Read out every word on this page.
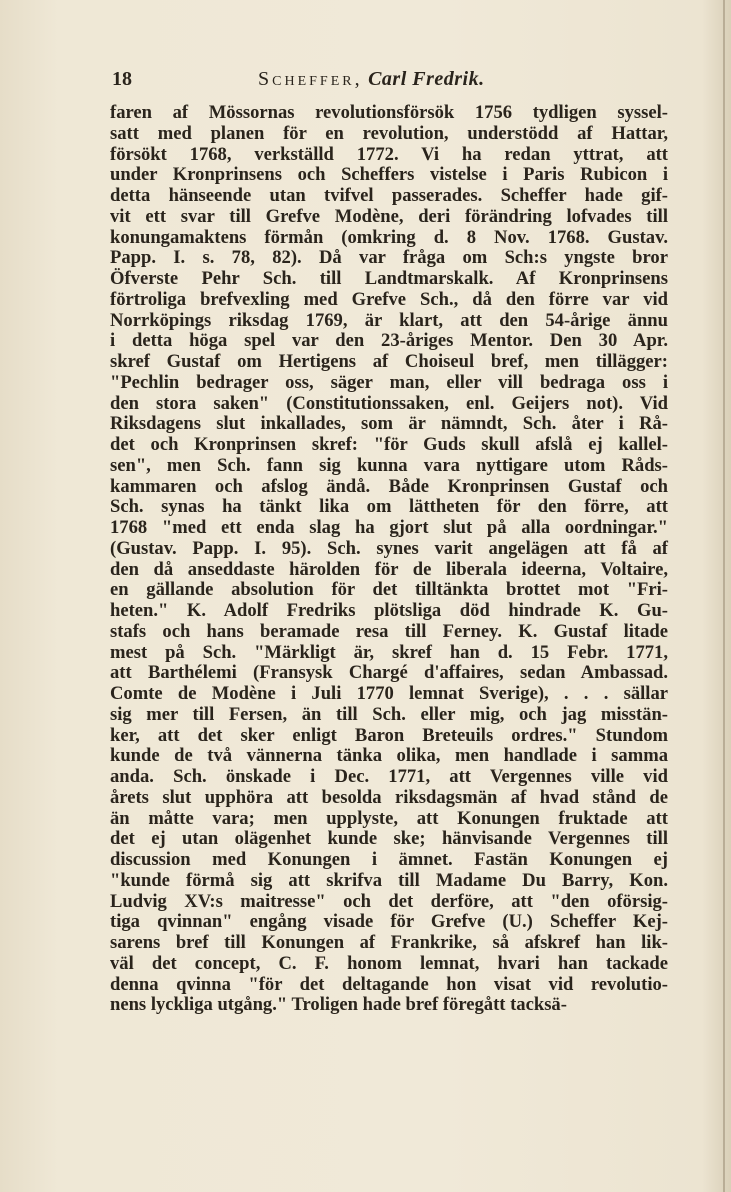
18	Scheffer, Carl Fredrik.
faren af Mössornas revolutionsförsök 1756 tydligen syssel-
satt med planen för en revolution, understödd af Hattar,
försökt 1768, verkställd 1772. Vi ha redan yttrat, att
under Kronprinsens och Scheffers vistelse i Paris Rubicon i
detta hänseende utan tvifvel passerades. Scheffer hade gif-
vit ett svar till Grefve Modène, deri förändring lofvades till
konungamaktens förmån (omkring d. 8 Nov. 1768. Gustav.
Papp. I. s. 78, 82). Då var fråga om Sch:s yngste bror
Öfverste Pehr Sch. till Landtmarskalk. Af Kronprinsens
förtroliga brefvexling med Grefve Sch., då den förre var vid
Norrköpings riksdag 1769, är klart, att den 54-årige ännu
i detta höga spel var den 23-åriges Mentor. Den 30 Apr.
skref Gustaf om Hertigens af Choiseul bref, men tillägger:
"Pechlin bedrager oss, säger man, eller vill bedraga oss i
den stora saken" (Constitutionssaken, enl. Geijers not). Vid
Riksdagens slut inkallades, som är nämndt, Sch. åter i Rå-
det och Kronprinsen skref: "för Guds skull afslå ej kallel-
sen", men Sch. fann sig kunna vara nyttigare utom Råds-
kammaren och afslog ändå. Både Kronprinsen Gustaf och
Sch. synas ha tänkt lika om lättheten för den förre, att
1768 "med ett enda slag ha gjort slut på alla oordningar."
(Gustav. Papp. I. 95). Sch. synes varit angelägen att få af
den då anseddaste härolden för de liberala ideerna, Voltaire,
en gällande absolution för det tilltänkta brottet mot "Fri-
heten." K. Adolf Fredriks plötsliga död hindrade K. Gu-
stafs och hans beramade resa till Ferney. K. Gustaf litade
mest på Sch. "Märkligt är, skref han d. 15 Febr. 1771,
att Barthélemi (Fransysk Chargé d'affaires, sedan Ambassad.
Comte de Modène i Juli 1770 lemnat Sverige), . . . sällar
sig mer till Fersen, än till Sch. eller mig, och jag misstän-
ker, att det sker enligt Baron Breteuils ordres." Stundom
kunde de två vännerna tänka olika, men handlade i samma
anda. Sch. önskade i Dec. 1771, att Vergennes ville vid
årets slut upphöra att besolda riksdagsmän af hvad stånd de
än måtte vara; men upplyste, att Konungen fruktade att
det ej utan olägenhet kunde ske; hänvisande Vergennes till
discussion med Konungen i ämnet. Fastän Konungen ej
"kunde förmå sig att skrifva till Madame Du Barry, Kon.
Ludvig XV:s maitresse" och det derföre, att "den oförsig-
tiga qvinnan" engång visade för Grefve (U.) Scheffer Kej-
sarens bref till Konungen af Frankrike, så afskref han lik-
väl det concept, C. F. honom lemnat, hvari han tackade
denna qvinna "för det deltagande hon visat vid revolutio-
nens lyckliga utgång." Troligen hade bref föregått tacksä-
